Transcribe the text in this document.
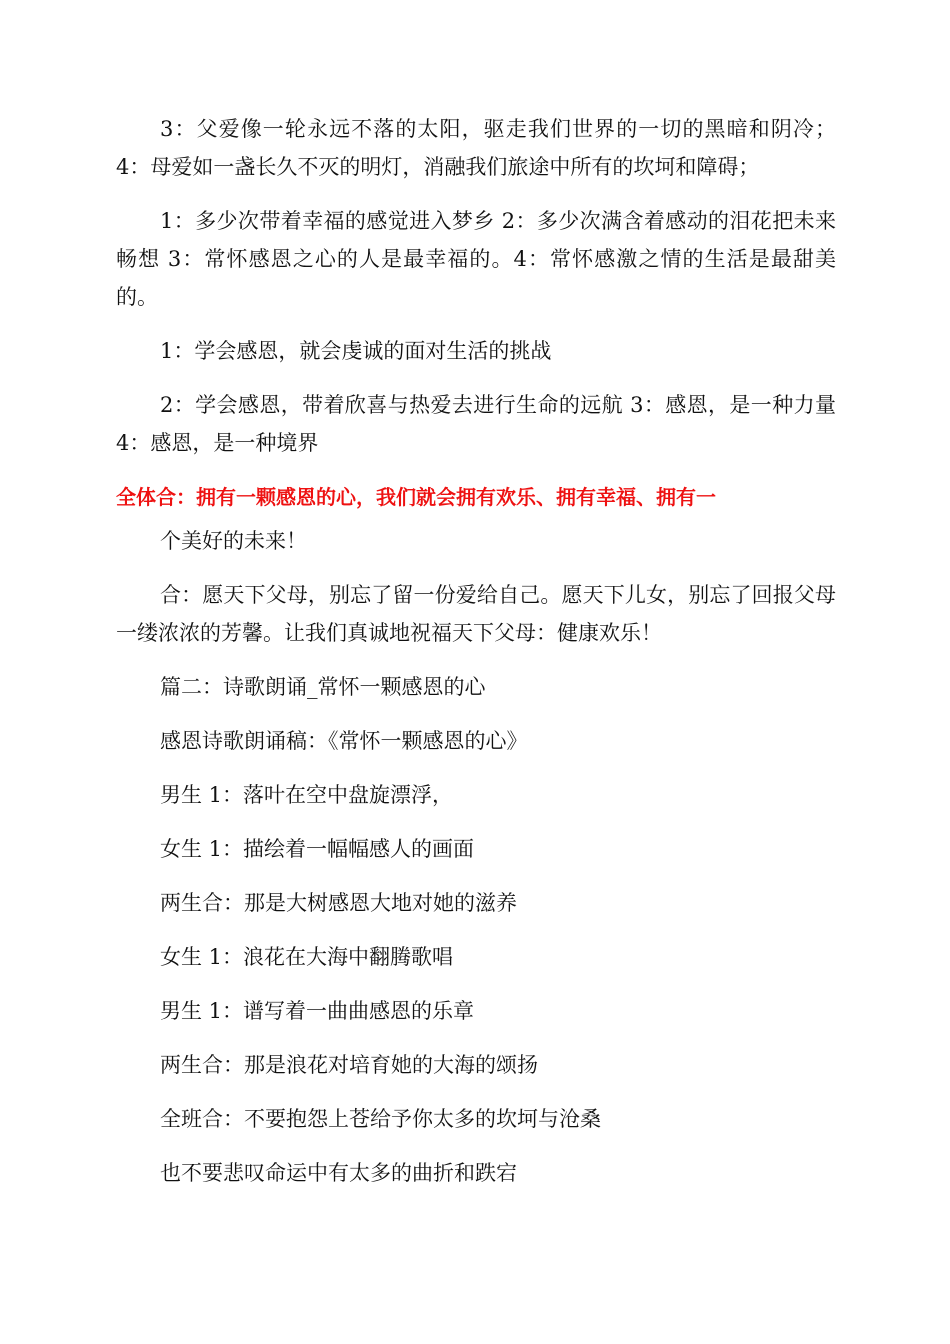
3：父爱像一轮永远不落的太阳，驱走我们世界的一切的黑暗和阴冷；4：母爱如一盏长久不灭的明灯，消融我们旅途中所有的坎坷和障碍；

1：多少次带着幸福的感觉进入梦乡 2：多少次满含着感动的泪花把未来畅想 3：常怀感恩之心的人是最幸福的。4：常怀感激之情的生活是最甜美的。

1：学会感恩，就会虔诚的面对生活的挑战

2：学会感恩，带着欣喜与热爱去进行生命的远航 3：感恩，是一种力量 4：感恩，是一种境界

全体合：拥有一颗感恩的心，我们就会拥有欢乐、拥有幸福、拥有一

个美好的未来！

合：愿天下父母，别忘了留一份爱给自己。愿天下儿女，别忘了回报父母一缕浓浓的芳馨。让我们真诚地祝福天下父母：健康欢乐！

篇二：诗歌朗诵_常怀一颗感恩的心

感恩诗歌朗诵稿：《常怀一颗感恩的心》

男生 1：落叶在空中盘旋漂浮，

女生 1：描绘着一幅幅感人的画面

两生合：那是大树感恩大地对她的滋养

女生 1：浪花在大海中翻腾歌唱

男生 1：谱写着一曲曲感恩的乐章

两生合：那是浪花对培育她的大海的颂扬

全班合：不要抱怨上苍给予你太多的坎坷与沧桑

也不要悲叹命运中有太多的曲折和跌宕
